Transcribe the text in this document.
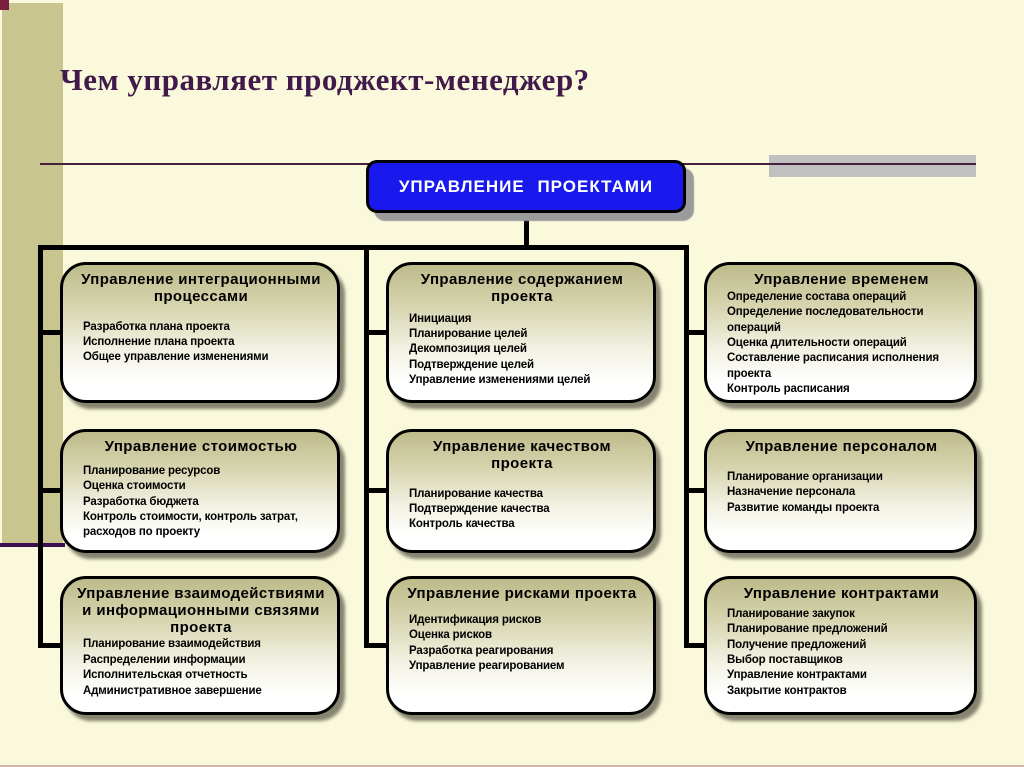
Чем управляет проджект-менеджер?
УПРАВЛЕНИЕ ПРОЕКТАМИ
Управление интеграционными процессами
Разработка плана проекта
Исполнение плана проекта
Общее управление изменениями
Управление содержанием проекта
Инициация
Планирование целей
Декомпозиция целей
Подтверждение целей
Управление изменениями целей
Управление временем
Определение состава операций
Определение последовательности операций
Оценка длительности операций
Составление расписания исполнения проекта
Контроль расписания
Управление стоимостью
Планирование ресурсов
Оценка стоимости
Разработка бюджета
Контроль стоимости, контроль затрат, расходов по проекту
Управление качеством проекта
Планирование качества
Подтверждение качества
Контроль качества
Управление персоналом
Планирование организации
Назначение персонала
Развитие команды проекта
Управление взаимодействиями и информационными связями проекта
Планирование взаимодействия
Распределении информации
Исполнительская отчетность
Административное завершение
Управление рисками проекта
Идентификация рисков
Оценка рисков
Разработка реагирования
Управление реагированием
Управление контрактами
Планирование закупок
Планирование предложений
Получение предложений
Выбор поставщиков
Управление контрактами
Закрытие контрактов
